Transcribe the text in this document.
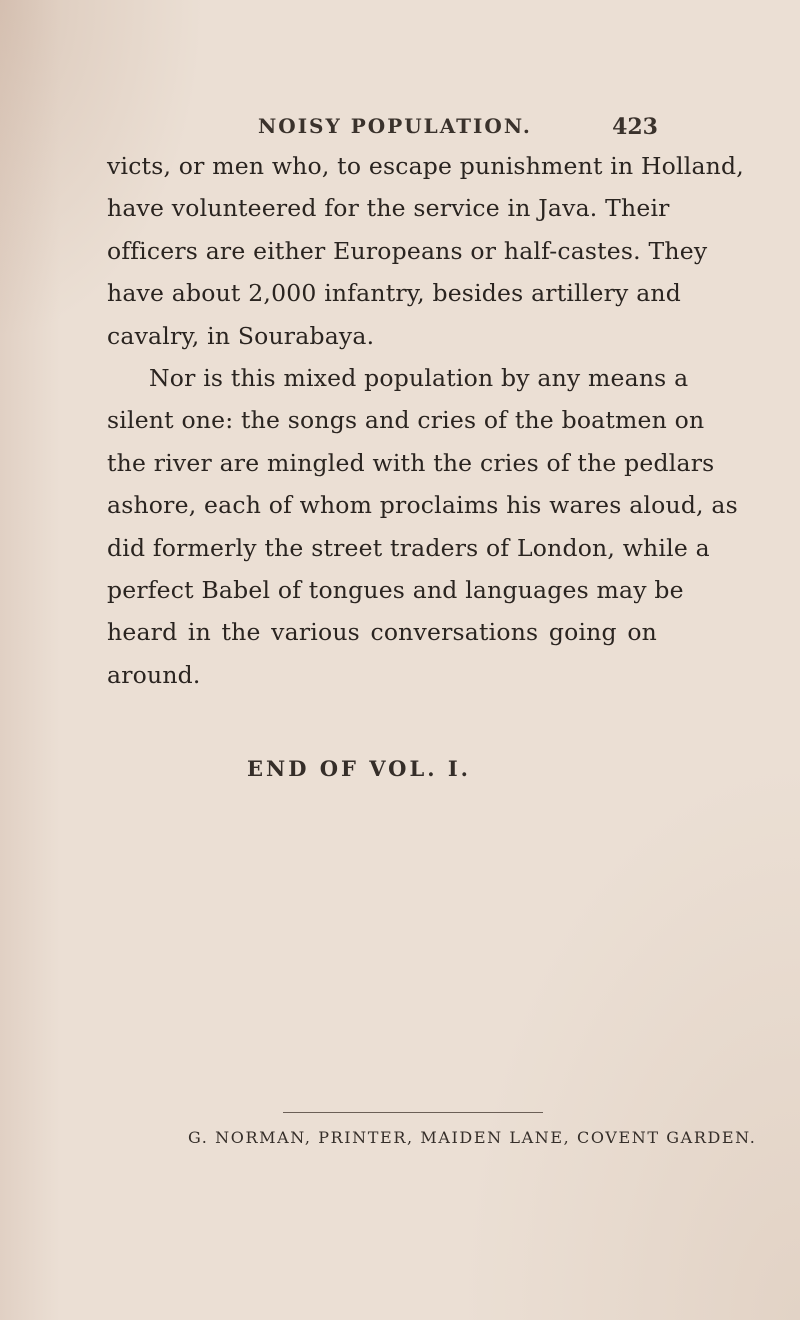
NOISY POPULATION.	423
victs, or men who, to escape punishment in Holland,
have volunteered for the service in Java. Their
officers are either Europeans or half-castes. They
have about 2,000 infantry, besides artillery and
cavalry, in Sourabaya.
Nor is this mixed population by any means a
silent one: the songs and cries of the boatmen on
the river are mingled with the cries of the pedlars
ashore, each of whom proclaims his wares aloud, as
did formerly the street traders of London, while a
perfect Babel of tongues and languages may be
heard in the various conversations going on
around.
END OF VOL. I.
G. NORMAN, PRINTER, MAIDEN LANE, COVENT GARDEN.
